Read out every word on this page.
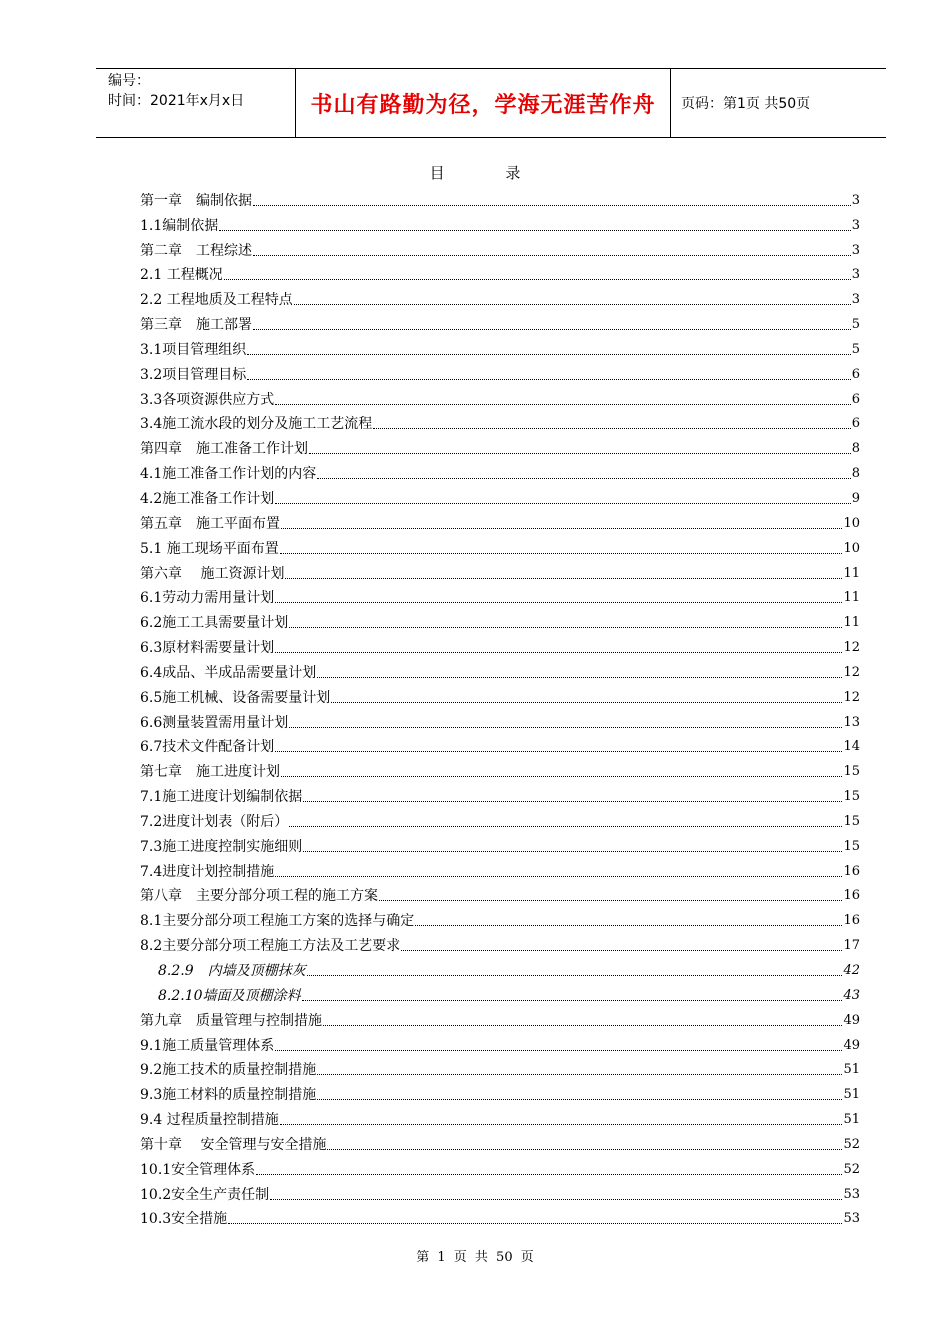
编号：
时间：2021年x月x日	书山有路勤为径，学海无涯苦作舟	页码：第1页 共50页
目 录
第一章　编制依据	3
1.1编制依据	3
第二章　工程综述	3
2.1 工程概况	3
2.2 工程地质及工程特点	3
第三章　施工部署	5
3.1项目管理组织	5
3.2项目管理目标	6
3.3各项资源供应方式	6
3.4施工流水段的划分及施工工艺流程	6
第四章　施工准备工作计划	8
4.1施工准备工作计划的内容	8
4.2施工准备工作计划	9
第五章　施工平面布置	10
5.1 施工现场平面布置	10
第六章　 施工资源计划	11
6.1劳动力需用量计划	11
6.2施工工具需要量计划	11
6.3原材料需要量计划	12
6.4成品、半成品需要量计划	12
6.5施工机械、设备需要量计划	12
6.6测量装置需用量计划	13
6.7技术文件配备计划	14
第七章　施工进度计划	15
7.1施工进度计划编制依据	15
7.2进度计划表（附后）	15
7.3施工进度控制实施细则	15
7.4进度计划控制措施	16
第八章　主要分部分项工程的施工方案	16
8.1主要分部分项工程施工方案的选择与确定	16
8.2主要分部分项工程施工方法及工艺要求	17
8.2.9　内墙及顶棚抹灰	42
8.2.10墙面及顶棚涂料	43
第九章　质量管理与控制措施	49
9.1施工质量管理体系	49
9.2施工技术的质量控制措施	51
9.3施工材料的质量控制措施	51
9.4 过程质量控制措施	51
第十章　 安全管理与安全措施	52
10.1安全管理体系	52
10.2安全生产责任制	53
10.3安全措施	53
第 1 页 共 50 页
